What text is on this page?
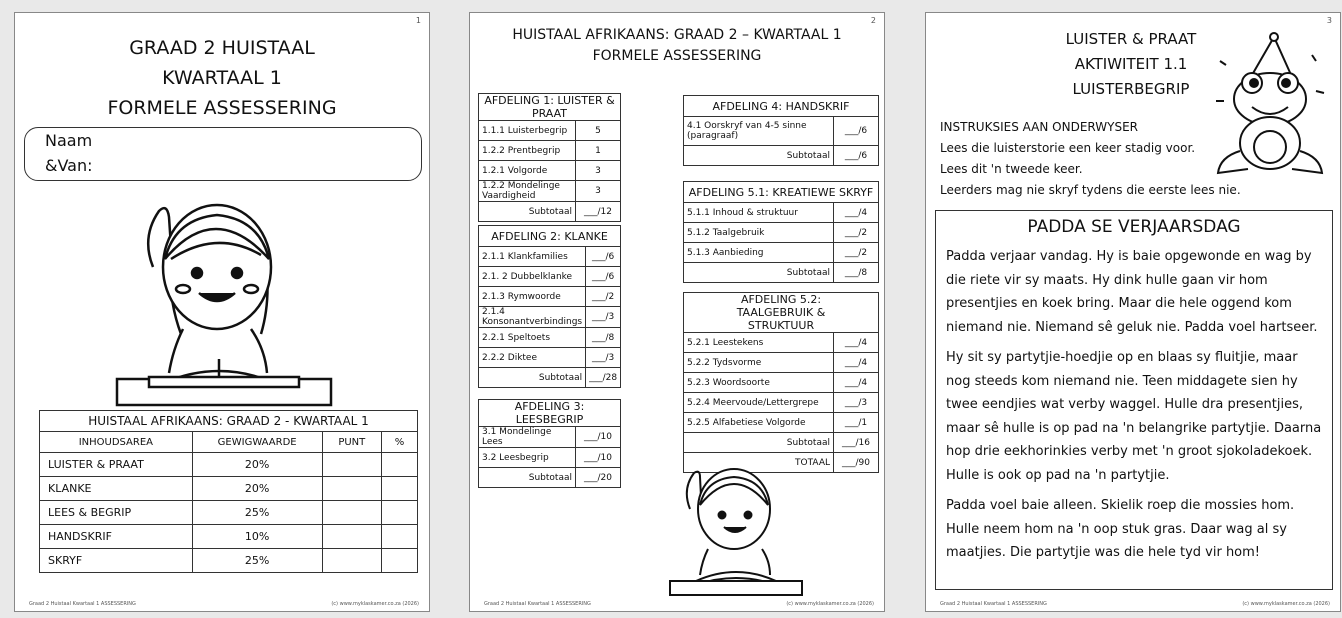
1
GRAAD 2 HUISTAAL
KWARTAAL 1
FORMELE ASSESSERING
Naam
&Van:
HUISTAAL AFRIKAANS: GRAAD 2 - KWARTAAL 1			
INHOUDSAREA	GEWIGWAARDE	PUNT	%
LUISTER & PRAAT	20%		
KLANKE	20%		
LEES & BEGRIP	25%		
HANDSKRIF	10%		
SKRYF	25%		
Graad 2 Huistaal Kwartaal 1 ASSESSERING	(c) www.myklaskamer.co.za (2026)
2
HUISTAAL AFRIKAANS: GRAAD 2 – KWARTAAL 1
FORMELE ASSESSERING
AFDELING 1: LUISTER & PRAAT	
1.1.1 Luisterbegrip	5
1.2.2 Prentbegrip	1
1.2.1 Volgorde	3
1.2.2 Mondelinge Vaardigheid	3
Subtotaal	___/12
AFDELING 2: KLANKE	
2.1.1 Klankfamilies	___/6
2.1. 2 Dubbelklanke	___/6
2.1.3 Rymwoorde	___/2
2.1.4 Konsonantverbindings	___/3
2.2.1 Speltoets	___/8
2.2.2 Diktee	___/3
Subtotaal	___/28
AFDELING 3: LEESBEGRIP	
3.1 Mondelinge Lees	___/10
3.2 Leesbegrip	___/10
Subtotaal	___/20
AFDELING 4: HANDSKRIF	
4.1 Oorskryf van 4-5 sinne (paragraaf)	___/6
Subtotaal	___/6
AFDELING 5.1: KREATIEWE SKRYF	
5.1.1 Inhoud & struktuur	___/4
5.1.2 Taalgebruik	___/2
5.1.3 Aanbieding	___/2
Subtotaal	___/8
AFDELING 5.2: TAALGEBRUIK & STRUKTUUR	
5.2.1 Leestekens	___/4
5.2.2 Tydsvorme	___/4
5.2.3 Woordsoorte	___/4
5.2.4 Meervoude/Lettergrepe	___/3
5.2.5 Alfabetiese Volgorde	___/1
Subtotaal	___/16
TOTAAL	___/90
Graad 2 Huistaal Kwartaal 1 ASSESSERING	(c) www.myklaskamer.co.za (2026)
3
LUISTER & PRAAT
AKTIWITEIT 1.1
LUISTERBEGRIP
INSTRUKSIES AAN ONDERWYSER
Lees die luisterstorie een keer stadig voor.
Lees dit 'n tweede keer.
Leerders mag nie skryf tydens die eerste lees nie.
PADDA SE VERJAARSDAG

Padda verjaar vandag. Hy is baie opgewonde en wag by die riete vir sy maats. Hy dink hulle gaan vir hom presentjies en koek bring. Maar die hele oggend kom niemand nie. Niemand sê geluk nie. Padda voel hartseer.

Hy sit sy partytjie-hoedjie op en blaas sy fluitjie, maar nog steeds kom niemand nie. Teen middagete sien hy twee eendjies wat verby waggel. Hulle dra presentjies, maar sê hulle is op pad na 'n belangrike partytjie. Daarna hop drie eekhorinkies verby met 'n groot sjokoladekoek. Hulle is ook op pad na 'n partytjie.

Padda voel baie alleen. Skielik roep die mossies hom. Hulle neem hom na 'n oop stuk gras. Daar wag al sy maatjies. Die partytjie was die hele tyd vir hom!

Graad 2 Huistaal Kwartaal 1 ASSESSERING	(c) www.myklaskamer.co.za (2026)
